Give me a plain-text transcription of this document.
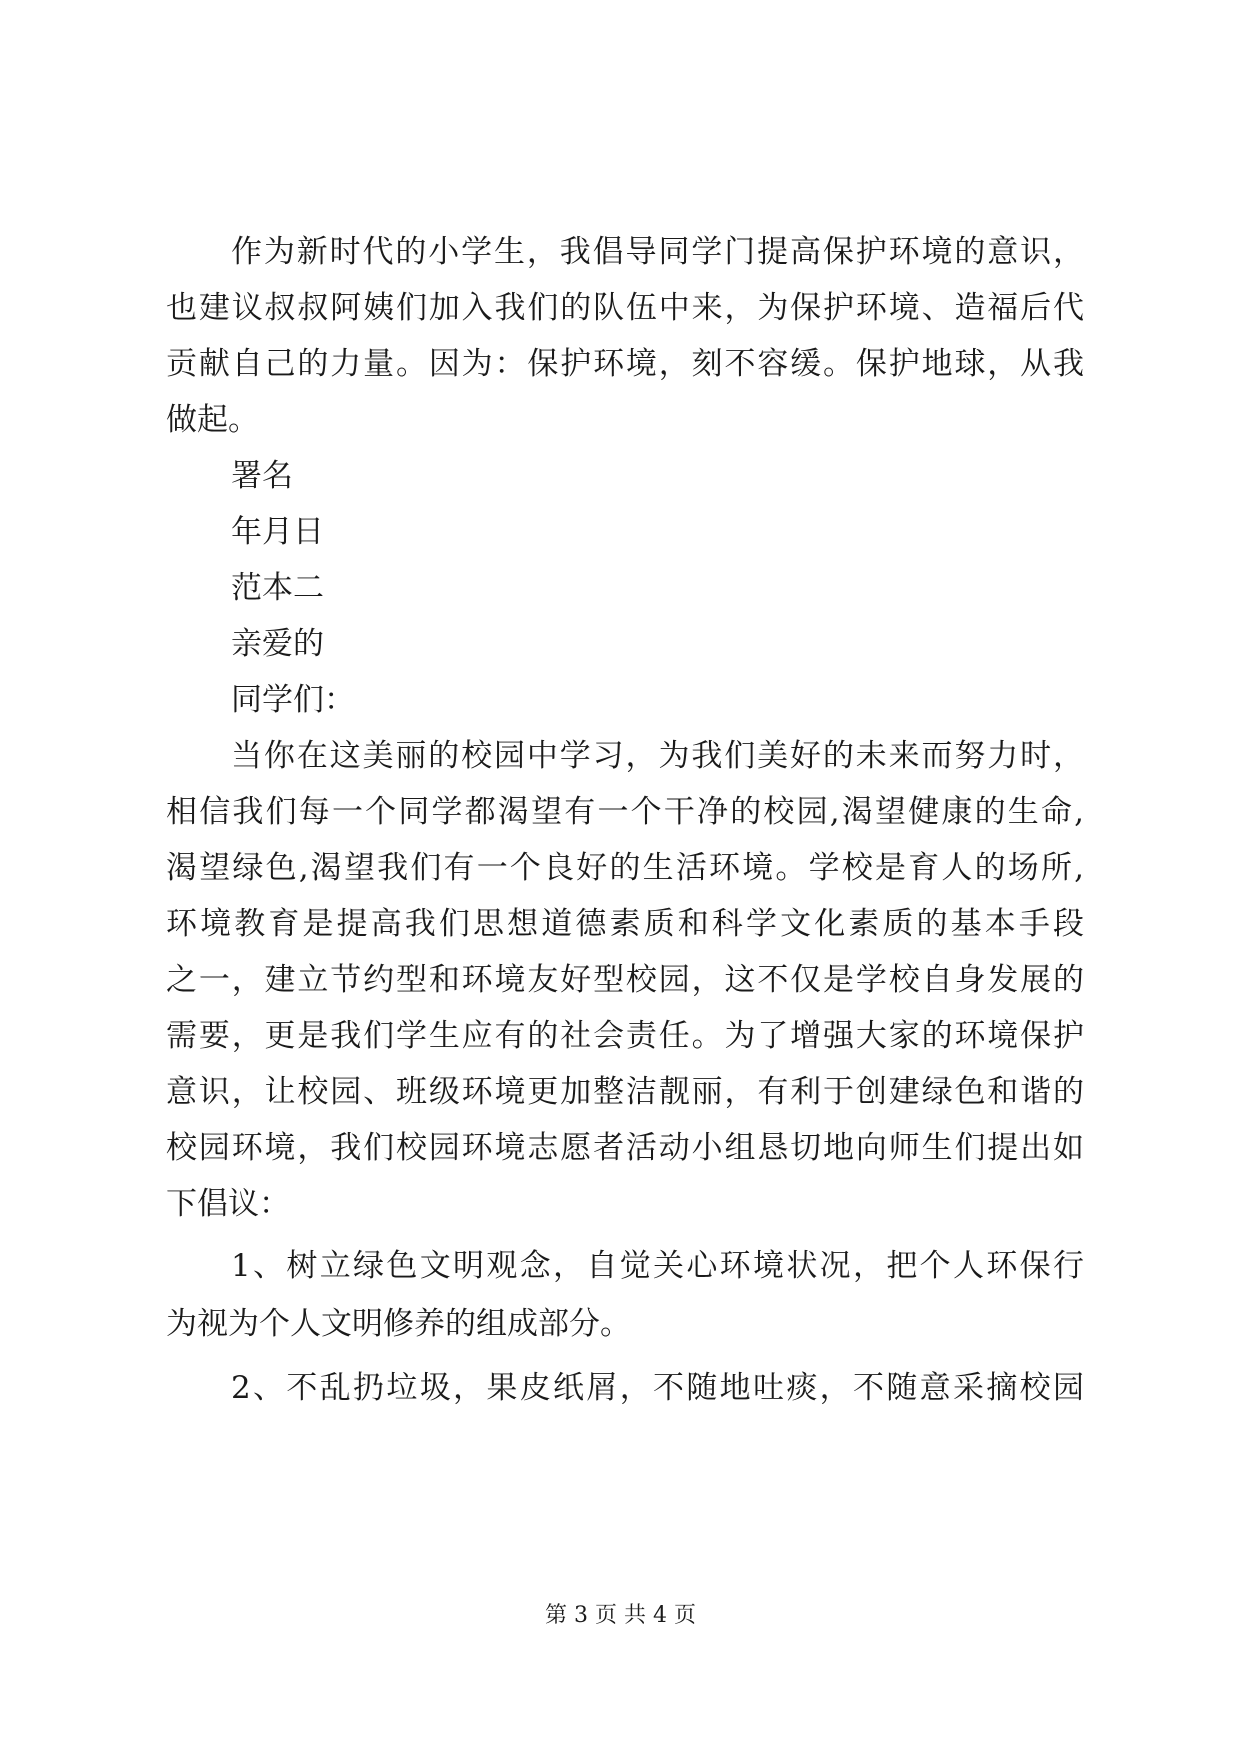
作为新时代的小学生，我倡导同学门提高保护环境的意识，
也建议叔叔阿姨们加入我们的队伍中来，为保护环境、造福后代
贡献自己的力量。因为：保护环境，刻不容缓。保护地球，从我
做起。
署名
年月日
范本二
亲爱的
同学们：
当你在这美丽的校园中学习，为我们美好的未来而努力时，
相信我们每一个同学都渴望有一个干净的校园,渴望健康的生命,
渴望绿色,渴望我们有一个良好的生活环境。学校是育人的场所,
环境教育是提高我们思想道德素质和科学文化素质的基本手段
之一，建立节约型和环境友好型校园，这不仅是学校自身发展的
需要，更是我们学生应有的社会责任。为了增强大家的环境保护
意识，让校园、班级环境更加整洁靓丽，有利于创建绿色和谐的
校园环境，我们校园环境志愿者活动小组恳切地向师生们提出如
下倡议：
1、树立绿色文明观念，自觉关心环境状况，把个人环保行
为视为个人文明修养的组成部分。
2、不乱扔垃圾，果皮纸屑，不随地吐痰，不随意采摘校园
第 3 页 共 4 页
